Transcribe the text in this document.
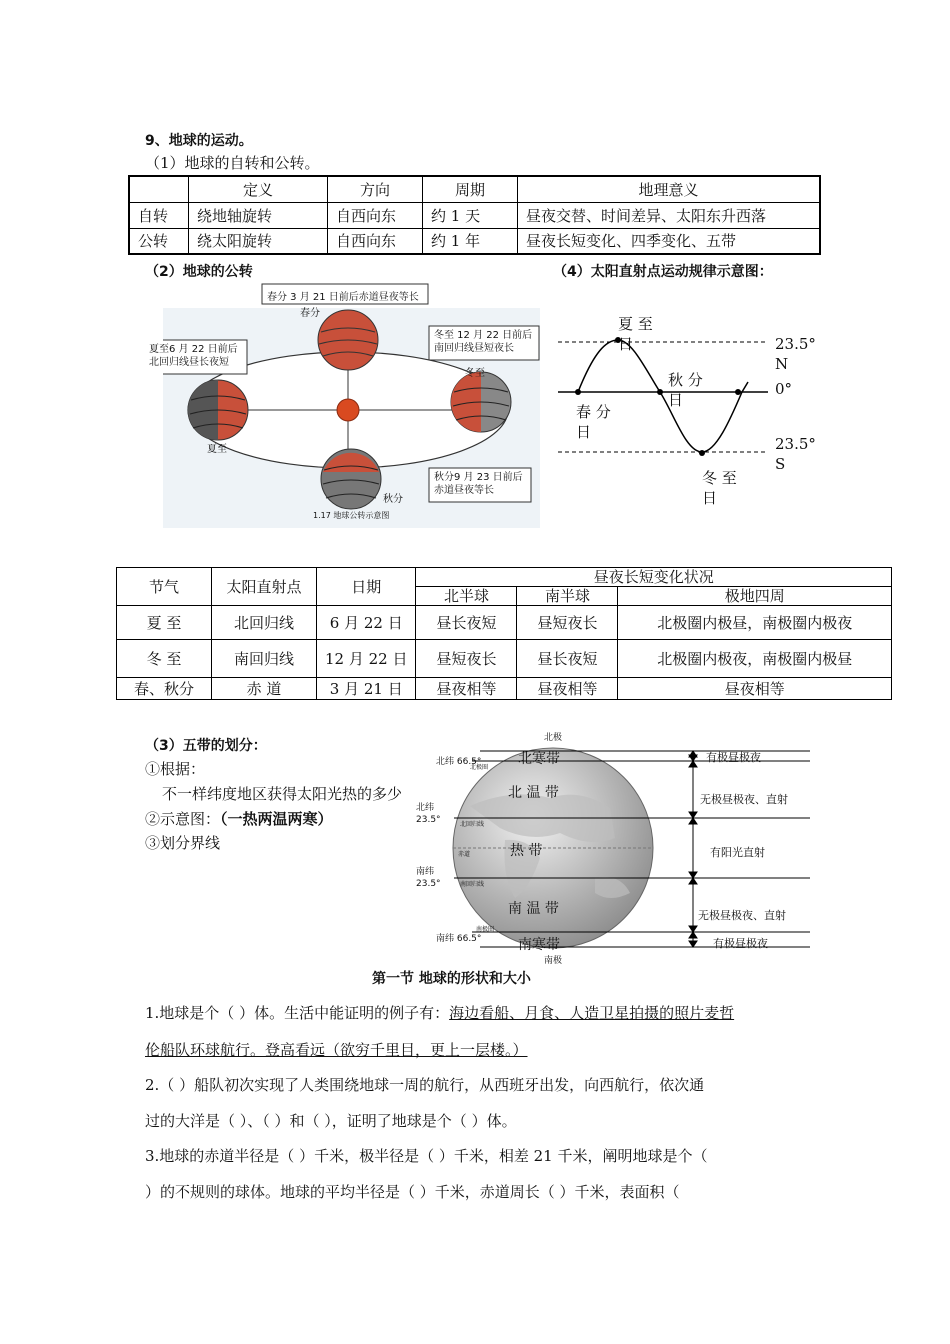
9、地球的运动。
（1）地球的自转和公转。
	定义	方向	周期	地理意义
自转	绕地轴旋转	自西向东	约 1 天	昼夜交替、时间差异、太阳东升西落
公转	绕太阳旋转	自西向东	约 1 年	昼夜长短变化、四季变化、五带
（2）地球的公转	（4）太阳直射点运动规律示意图：
春分 3 月 21 日前后赤道昼夜等长
夏至6 月 22 日前后
北回归线昼长夜短
冬至 12 月 22 日前后
南回归线昼短夜长
秋分9 月 23 日前后
赤道昼夜等长
春分
夏至
冬至
秋分
1.17 地球公转示意图
夏 至
日
秋 分
日
春 分
日
冬 至
日
23.5°
N
0°
23.5°
S
节气	太阳直射点	日期	昼夜长短变化状况		
			北半球	南半球	极地四周
夏 至	北回归线	6 月 22 日	昼长夜短	昼短夜长	北极圈内极昼，南极圈内极夜
冬 至	南回归线	12 月 22 日	昼短夜长	昼长夜短	北极圈内极夜，南极圈内极昼
春、秋分	赤 道	3 月 21 日	昼夜相等	昼夜相等	昼夜相等
（3）五带的划分：
①根据：
不一样纬度地区获得太阳光热的多少
②示意图：（一热两温两寒）
③划分界线
北极
南极
北纬 66.5°
北纬
23.5°
南纬
23.5°
南纬 66.5°
北极圈
北回归线
赤道
南回归线
南极圈
北寒带
北 温 带
热 带
南 温 带
南寒带
有极昼极夜
无极昼极夜、直射
有阳光直射
无极昼极夜、直射
有极昼极夜
第一节 地球的形状和大小
1.地球是个（ ）体。生活中能证明的例子有：海边看船、月食、人造卫星拍摄的照片麦哲
伦船队环球航行。登高看远（欲穷千里目，更上一层楼。）
2.（ ）船队初次实现了人类围绕地球一周的航行，从西班牙出发，向西航行，依次通
过的大洋是（ ）、（ ）和（ ），证明了地球是个（ ）体。
3.地球的赤道半径是（ ）千米，极半径是（ ）千米，相差 21 千米，阐明地球是个（
）的不规则的球体。地球的平均半径是（ ）千米，赤道周长（ ）千米，表面积（
